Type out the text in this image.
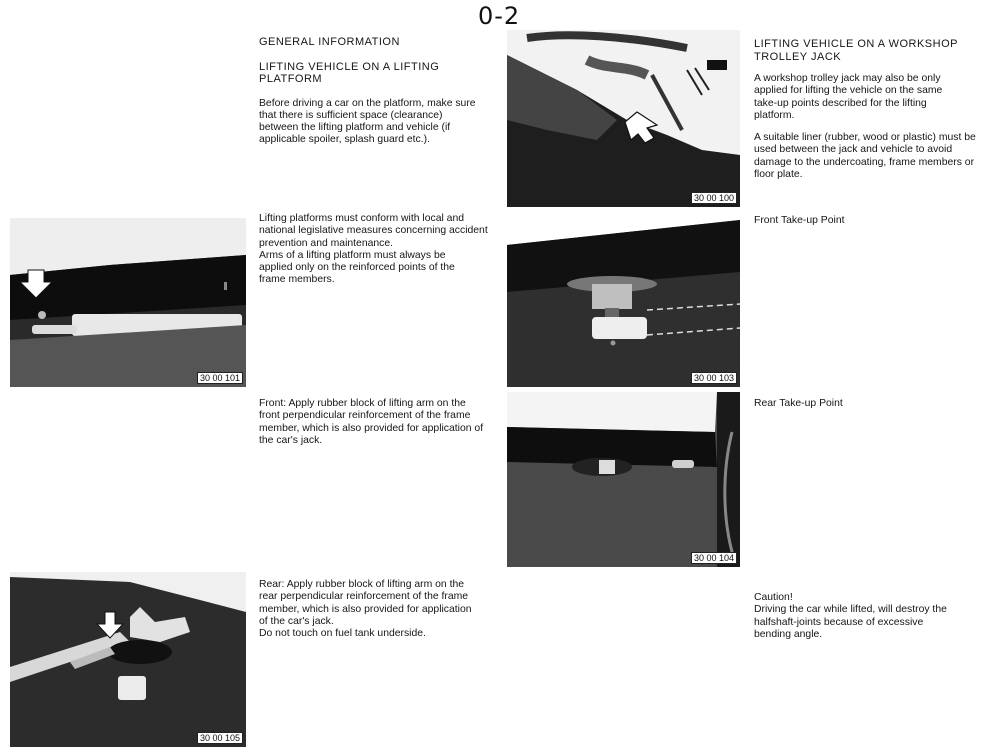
0-2
GENERAL INFORMATION
LIFTING VEHICLE ON A LIFTING PLATFORM

Before driving a car on the platform, make sure that there is sufficient space (clearance) between the lifting platform and vehicle (if applicable spoiler, splash guard etc.).

Lifting platforms must conform with local and national legislative measures concerning accident prevention and maintenance.
Arms of a lifting platform must always be applied only on the reinforced points of the frame members.
Front: Apply rubber block of lifting arm on the front perpendicular reinforcement of the frame member, which is also provided for application of the car's jack.
Rear: Apply rubber block of lifting arm on the rear perpendicular reinforcement of the frame member, which is also provided for application of the car's jack.
Do not touch on fuel tank underside.
LIFTING VEHICLE ON A WORKSHOP TROLLEY JACK

A workshop trolley jack may also be only applied for lifting the vehicle on the same take-up points described for the lifting platform.

A suitable liner (rubber, wood or plastic) must be used between the jack and vehicle to avoid damage to the undercoating, frame members or floor plate.

Front Take-up Point
Rear Take-up Point
Caution!
Driving the car while lifted, will destroy the halfshaft-joints because of excessive bending angle.
30 00 100
30 00 101	30 00 103
30 00 104
30 00 105
